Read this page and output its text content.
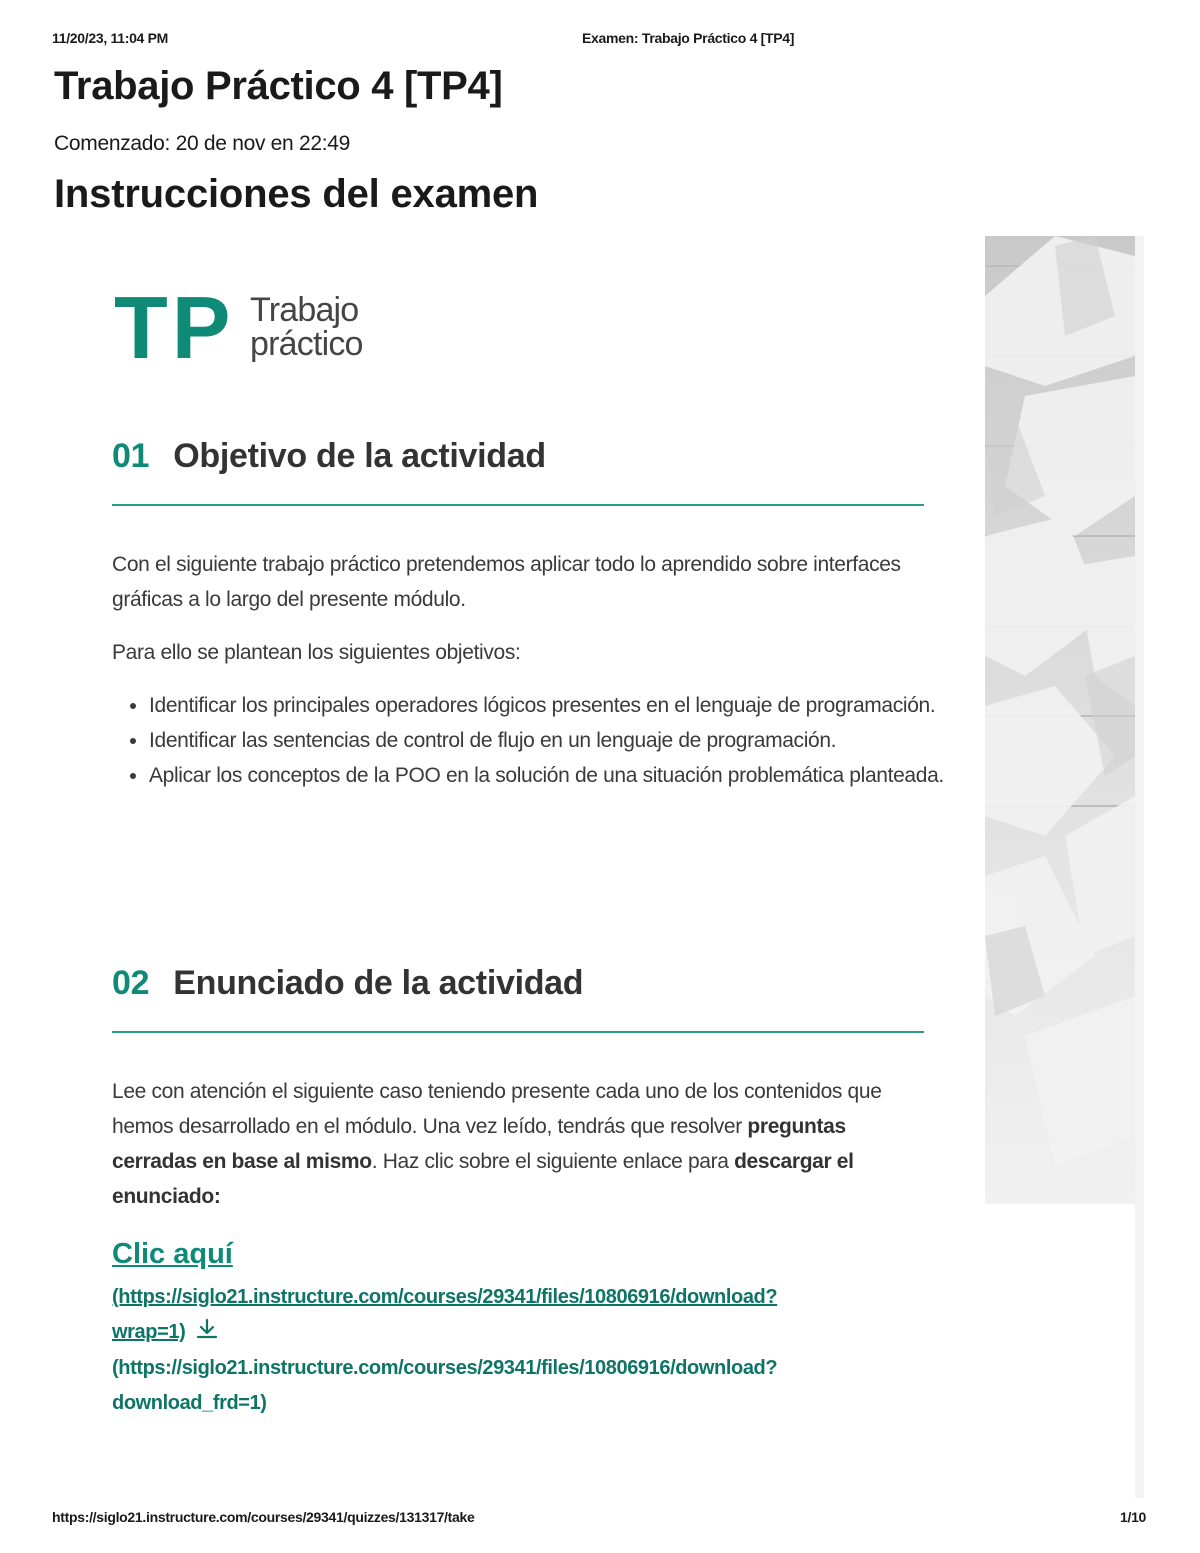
11/20/23, 11:04 PM	Examen: Trabajo Práctico 4 [TP4]
Trabajo Práctico 4 [TP4]
Comenzado: 20 de nov en 22:49
Instrucciones del examen
TP Trabajo
práctico
01 Objetivo de la actividad

Con el siguiente trabajo práctico pretendemos aplicar todo lo aprendido sobre interfaces gráficas a lo largo del presente módulo.

Para ello se plantean los siguientes objetivos:

• Identificar los principales operadores lógicos presentes en el lenguaje de programación.
• Identificar las sentencias de control de flujo en un lenguaje de programación.
• Aplicar los conceptos de la POO en la solución de una situación problemática planteada.
02 Enunciado de la actividad

Lee con atención el siguiente caso teniendo presente cada uno de los contenidos que hemos desarrollado en el módulo. Una vez leído, tendrás que resolver preguntas cerradas en base al mismo. Haz clic sobre el siguiente enlace para descargar el enunciado:

Clic aquí

(https://siglo21.instructure.com/courses/29341/files/10806916/download?
wrap=1)

(https://siglo21.instructure.com/courses/29341/files/10806916/download?
download_frd=1)

https://siglo21.instructure.com/courses/29341/quizzes/131317/take	1/10
